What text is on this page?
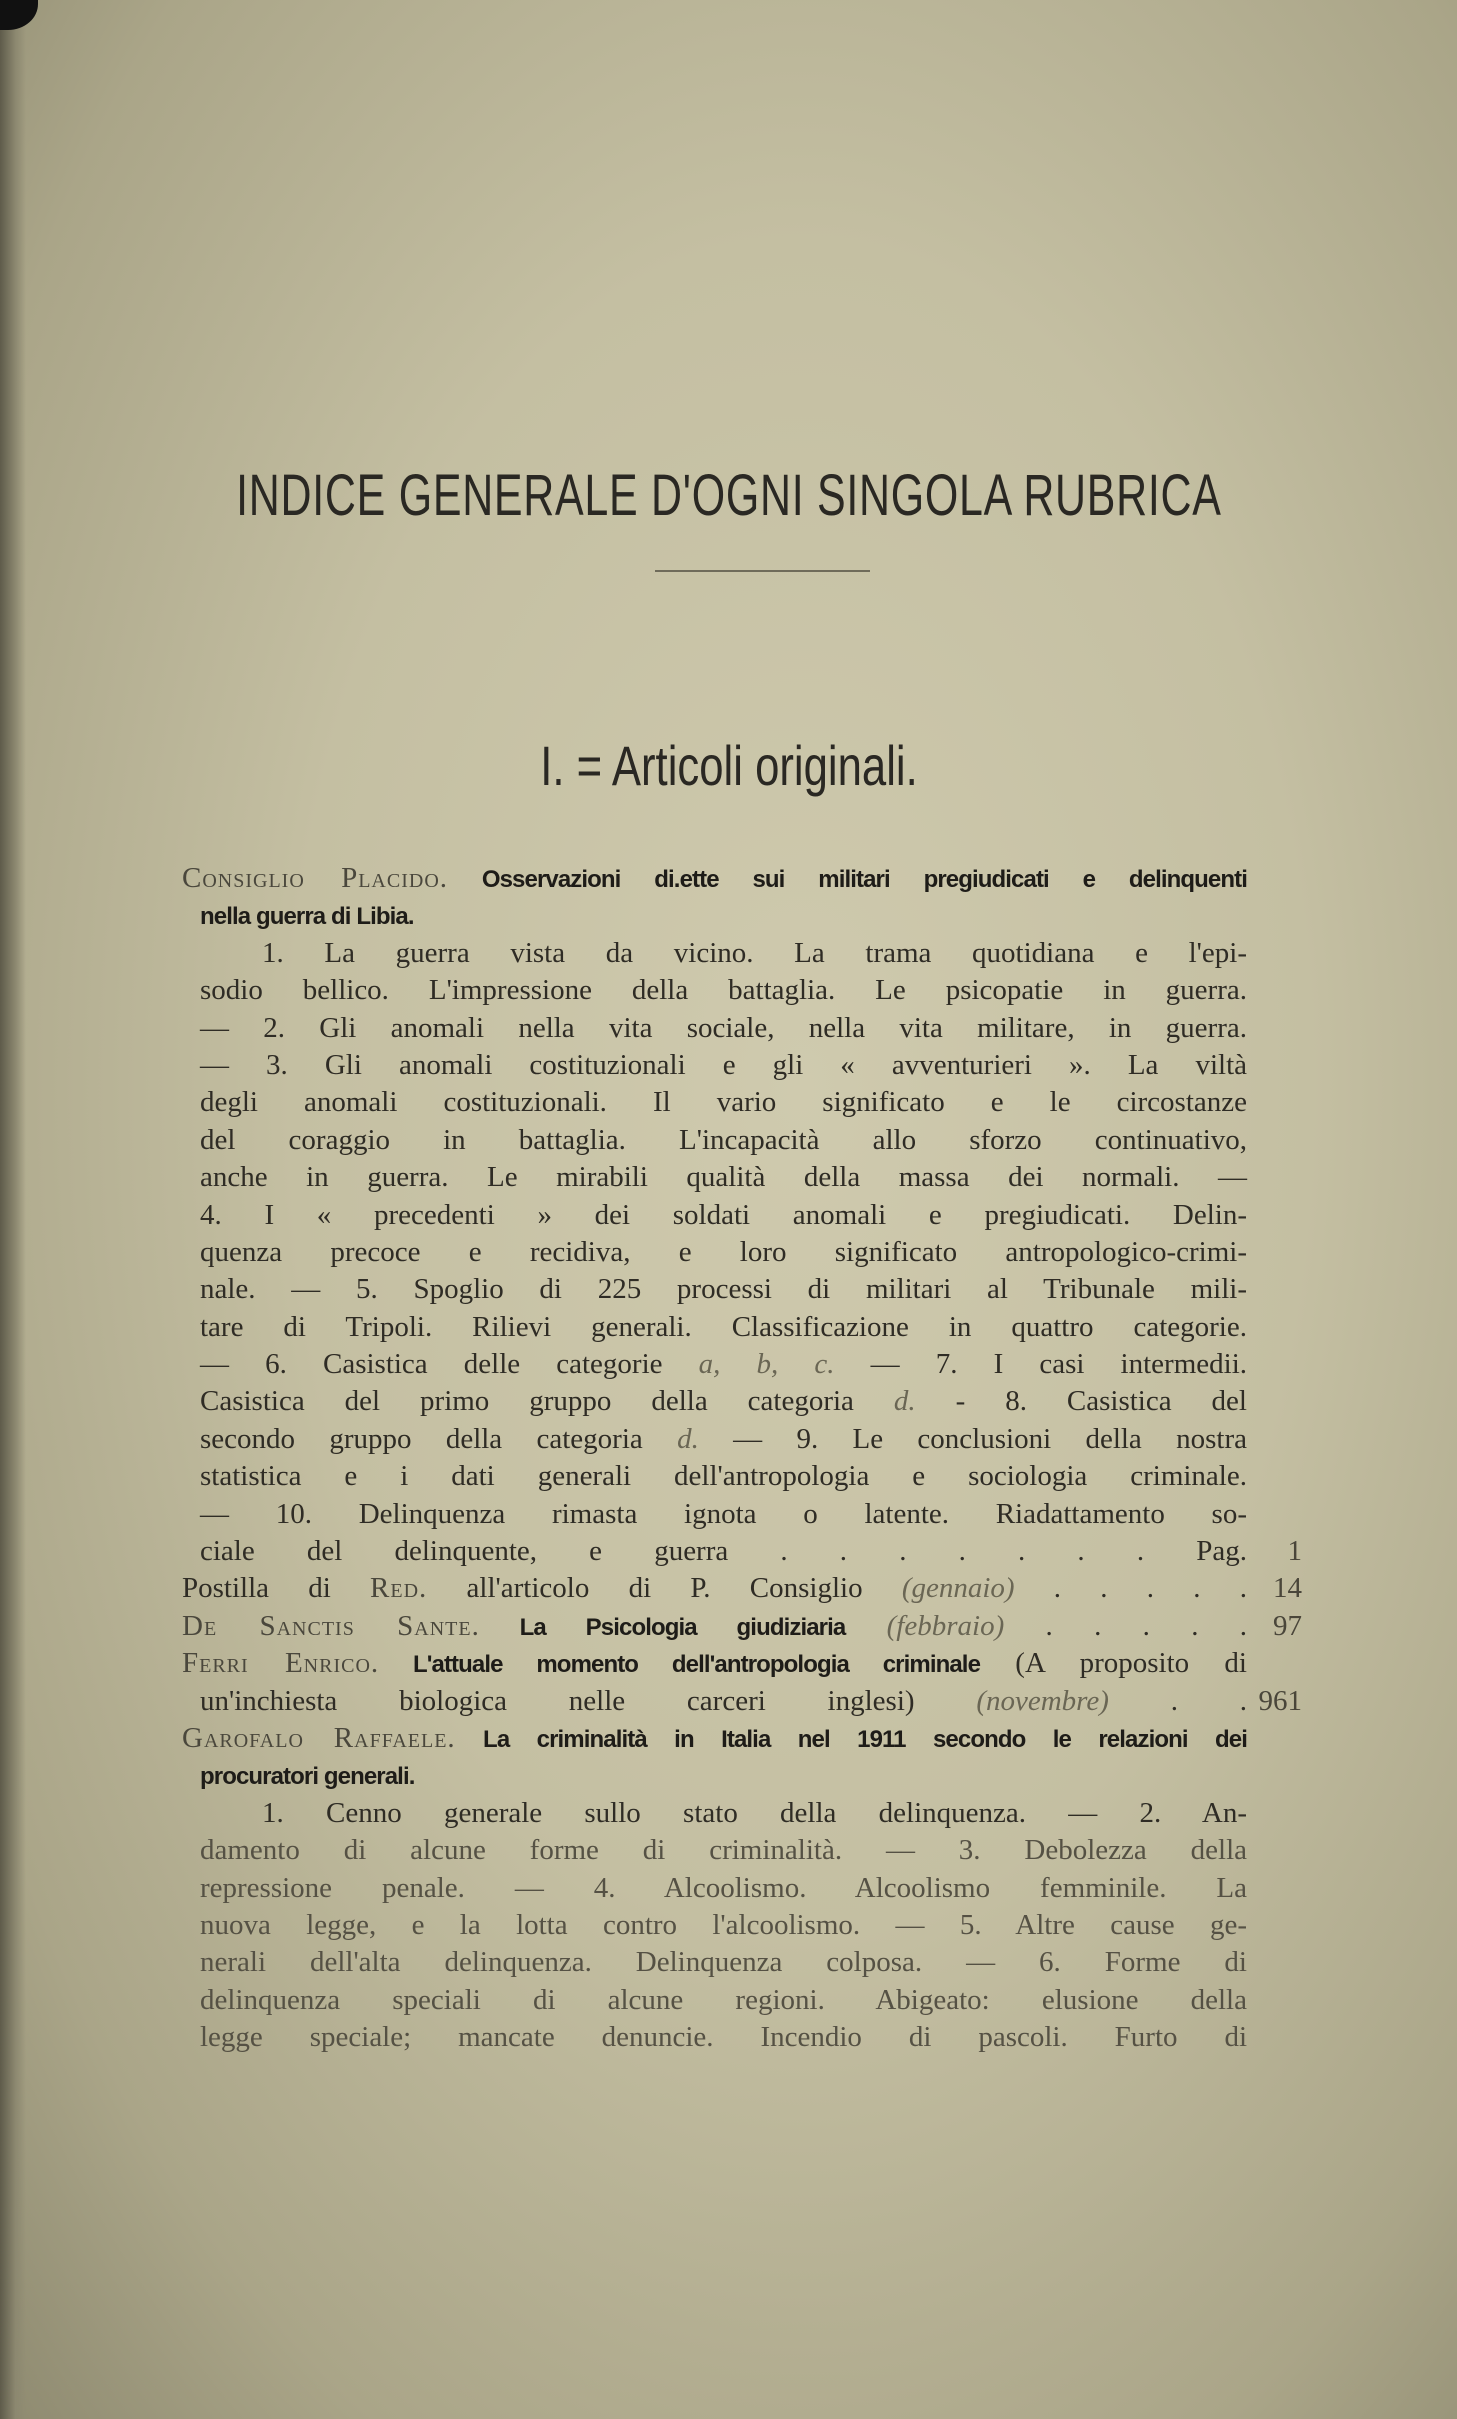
INDICE GENERALE D'OGNI SINGOLA RUBRICA
I. = Articoli originali.
Consiglio Placido. Osservazioni di.ette sui militari pregiudicati e delinquenti
nella guerra di Libia.
1. La guerra vista da vicino. La trama quotidiana e l'epi-
sodio bellico. L'impressione della battaglia. Le psicopatie in guerra.
— 2. Gli anomali nella vita sociale, nella vita militare, in guerra.
— 3. Gli anomali costituzionali e gli « avventurieri ». La viltà
degli anomali costituzionali. Il vario significato e le circostanze
del coraggio in battaglia. L'incapacità allo sforzo continuativo,
anche in guerra. Le mirabili qualità della massa dei normali. —
4. I « precedenti » dei soldati anomali e pregiudicati. Delin-
quenza precoce e recidiva, e loro significato antropologico-crimi-
nale. — 5. Spoglio di 225 processi di militari al Tribunale mili-
tare di Tripoli. Rilievi generali. Classificazione in quattro categorie.
— 6. Casistica delle categorie a, b, c. — 7. I casi intermedii.
Casistica del primo gruppo della categoria d. - 8. Casistica del
secondo gruppo della categoria d. — 9. Le conclusioni della nostra
statistica e i dati generali dell'antropologia e sociologia criminale.
— 10. Delinquenza rimasta ignota o latente. Riadattamento so-
ciale del delinquente, e guerra . . . . . . . Pag.	1
Postilla di Red. all'articolo di P. Consiglio (gennaio) . . . . . 14
De Sanctis Sante. La Psicologia giudiziaria (febbraio) . . . . . 97
Ferri Enrico. L'attuale momento dell'antropologia criminale (A proposito di
un'inchiesta biologica nelle carceri inglesi) (novembre) . . 961
Garofalo Raffaele. La criminalità in Italia nel 1911 secondo le relazioni dei
procuratori generali.
1. Cenno generale sullo stato della delinquenza. — 2. An-
damento di alcune forme di criminalità. — 3. Debolezza della
repressione penale. — 4. Alcoolismo. Alcoolismo femminile. La
nuova legge, e la lotta contro l'alcoolismo. — 5. Altre cause ge-
nerali dell'alta delinquenza. Delinquenza colposa. — 6. Forme di
delinquenza speciali di alcune regioni. Abigeato: elusione della
legge speciale; mancate denuncie. Incendio di pascoli. Furto di
